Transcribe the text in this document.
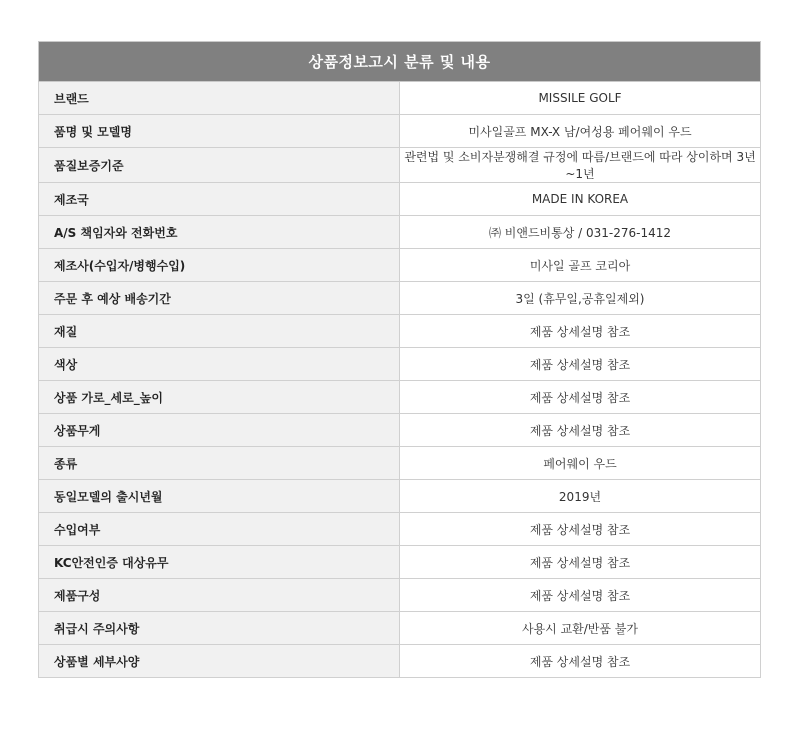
상품정보고시 분류 및 내용	
브랜드	MISSILE GOLF
품명 및 모델명	미사일골프 MX-X 남/여성용 페어웨이 우드
품질보증기준	관련법 및 소비자분쟁해결 규정에 따름/브랜드에 따라 상이하며 3년~1년
제조국	MADE IN KOREA
A/S 책임자와 전화번호	㈜ 비앤드비통상 / 031-276-1412
제조사(수입자/병행수입)	미사일 골프 코리아
주문 후 예상 배송기간	3일 (휴무일,공휴일제외)
재질	제품 상세설명 참조
색상	제품 상세설명 참조
상품 가로_세로_높이	제품 상세설명 참조
상품무게	제품 상세설명 참조
종류	페어웨이 우드
동일모델의 출시년월	2019년
수입여부	제품 상세설명 참조
KC안전인증 대상유무	제품 상세설명 참조
제품구성	제품 상세설명 참조
취급시 주의사항	사용시 교환/반품 불가
상품별 세부사양	제품 상세설명 참조
